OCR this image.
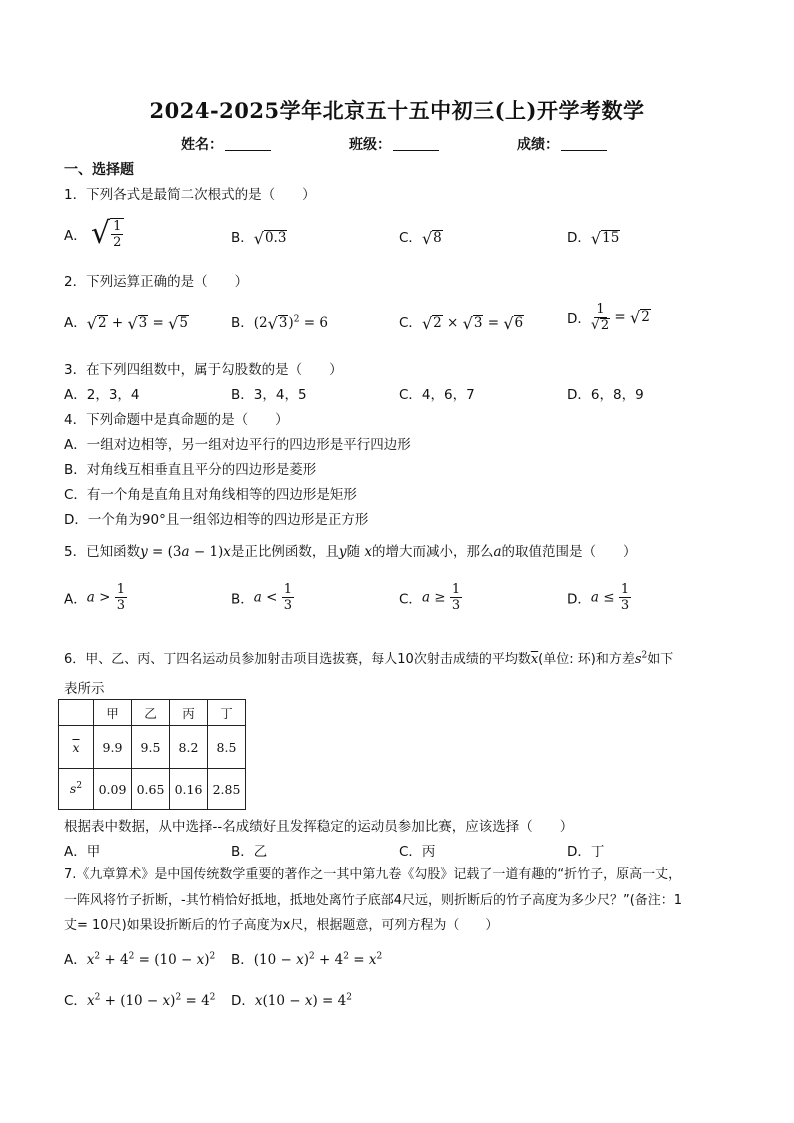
2024-2025学年北京五十五中初三(上)开学考数学
姓名：	班级：	成绩：
一、选择题
1．下列各式是最简二次根式的是（　　）
A． √ $\frac{1}{2}$	B． √ 0.3	C． √ 8	D． √ 15
2．下列运算正确的是（　　）
A． √ 2 + √ 3 = √ 5	B．(2 √ 3 )$^2$ = 6	C． √ 2 × √ 3 = √ 6	D． $\frac{1}{√ 2}$ = √ 2
3．在下列四组数中，属于勾股数的是（　　）
A．2，3，4	B．3，4，5	C．4，6，7	D．6，8，9
4．下列命题中是真命题的是（　　）
A．一组对边相等，另一组对边平行的四边形是平行四边形
B．对角线互相垂直且平分的四边形是菱形
C．有一个角是直角且对角线相等的四边形是矩形
D．一个角为90°且一组邻边相等的四边形是正方形
5．已知函数y = (3a − 1)x是正比例函数，且y随 x的增大而减小，那么a的取值范围是（　　）
A．$a > \frac{1}{3}$	B．$a < \frac{1}{3}$	C．$a \ge \frac{1}{3}$	D．$a \le \frac{1}{3}$
6．甲、乙、丙、丁四名运动员参加射击项目选拔赛，每人10次射击成绩的平均数$\overline{x}$(单位: 环)和方差$s^2$如下
表所示
	甲	乙	丙	丁
$\overline{x}$	9.9	9.5	8.2	8.5
$s^2$	0.09	0.65	0.16	2.85
根据表中数据，从中选择--名成绩好且发挥稳定的运动员参加比赛，应该选择（　　）
A．甲	B．乙	C．丙	D．丁
7.《九章算术》是中国传统数学重要的著作之一其中第九卷《勾股》记载了一道有趣的“折竹子，原高一丈，
一阵风将竹子折断，-其竹梢恰好抵地，抵地处离竹子底部4尺远，则折断后的竹子高度为多少尺？”(备注：1
丈= 10尺)如果设折断后的竹子高度为x尺，根据题意，可列方程为（　　）
A．$x^2 + 4^2 = (10 - x)^2$ B．$(10 - x)^2 + 4^2 = x^2$
C．$x^2 + (10 - x)^2 = 4^2$ D．$x(10 - x) = 4^2$
